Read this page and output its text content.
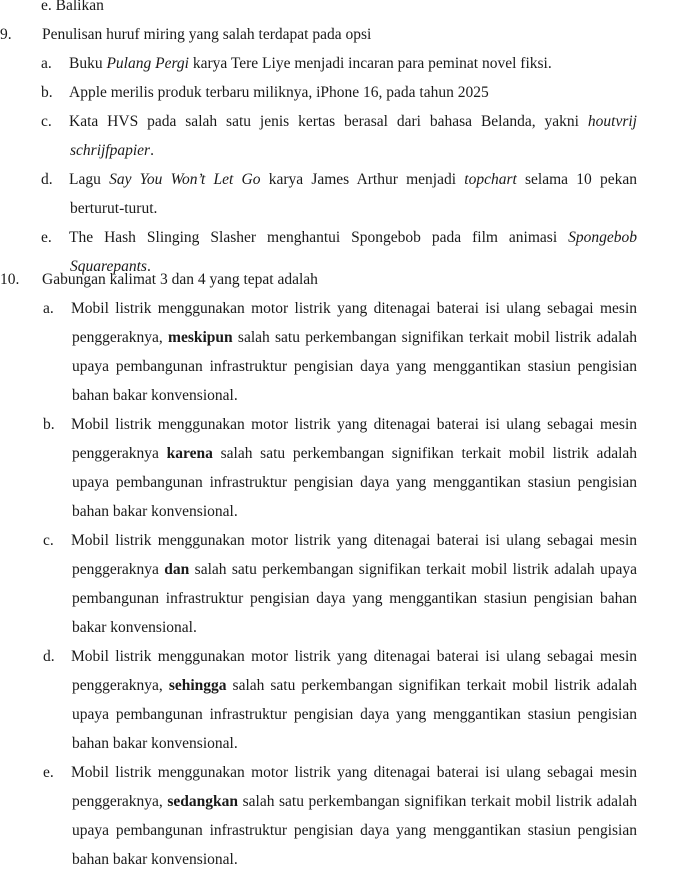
e. Balikan
9.	Penulisan huruf miring yang salah terdapat pada opsi
a.	Buku Pulang Pergi karya Tere Liye menjadi incaran para peminat novel fiksi.
b.	Apple merilis produk terbaru miliknya, iPhone 16, pada tahun 2025
c.	Kata HVS pada salah satu jenis kertas berasal dari bahasa Belanda, yakni houtvrij schrijfpapier.
d.	Lagu Say You Won’t Let Go karya James Arthur menjadi topchart selama 10 pekan berturut-turut.
e.	The Hash Slinging Slasher menghantui Spongebob pada film animasi Spongebob Squarepants.
10.	Gabungan kalimat 3 dan 4 yang tepat adalah
a.	Mobil listrik menggunakan motor listrik yang ditenagai baterai isi ulang sebagai mesin penggeraknya, meskipun salah satu perkembangan signifikan terkait mobil listrik adalah upaya pembangunan infrastruktur pengisian daya yang menggantikan stasiun pengisian bahan bakar konvensional.
b.	Mobil listrik menggunakan motor listrik yang ditenagai baterai isi ulang sebagai mesin penggeraknya karena salah satu perkembangan signifikan terkait mobil listrik adalah upaya pembangunan infrastruktur pengisian daya yang menggantikan stasiun pengisian bahan bakar konvensional.
c.	Mobil listrik menggunakan motor listrik yang ditenagai baterai isi ulang sebagai mesin penggeraknya dan salah satu perkembangan signifikan terkait mobil listrik adalah upaya pembangunan infrastruktur pengisian daya yang menggantikan stasiun pengisian bahan bakar konvensional.
d.	Mobil listrik menggunakan motor listrik yang ditenagai baterai isi ulang sebagai mesin penggeraknya, sehingga salah satu perkembangan signifikan terkait mobil listrik adalah upaya pembangunan infrastruktur pengisian daya yang menggantikan stasiun pengisian bahan bakar konvensional.
e.	Mobil listrik menggunakan motor listrik yang ditenagai baterai isi ulang sebagai mesin penggeraknya, sedangkan salah satu perkembangan signifikan terkait mobil listrik adalah upaya pembangunan infrastruktur pengisian daya yang menggantikan stasiun pengisian bahan bakar konvensional.
